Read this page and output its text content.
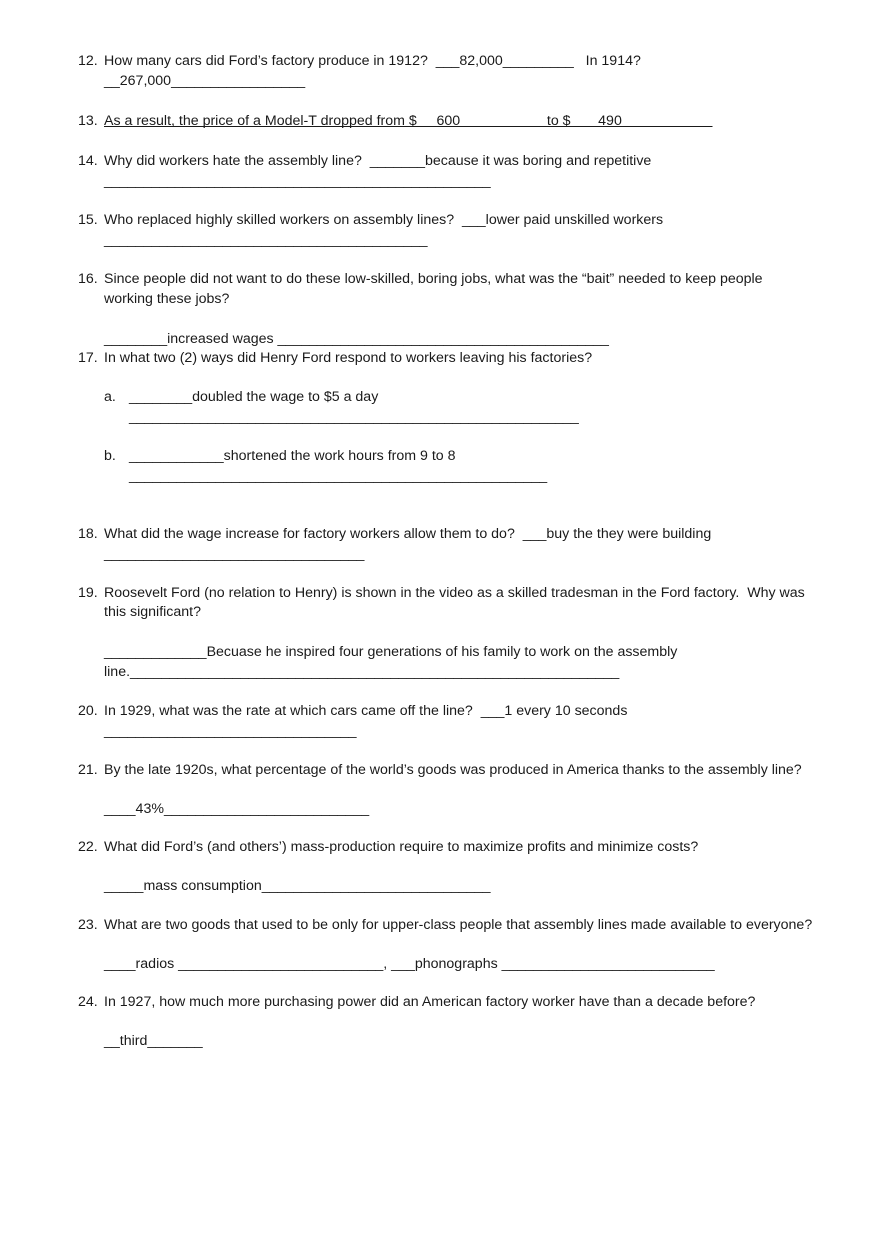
12. How many cars did Ford’s factory produce in 1912?  ___82,000_________   In 1914?
__267,000_________________
13. As a result, the price of a Model-T dropped from $     600                      to $       490
14. Why did workers hate the assembly line?  _______because it was boring and repetitive
_________________________________________________
15. Who replaced highly skilled workers on assembly lines?  ___lower paid unskilled workers
_________________________________________
16. Since people did not want to do these low-skilled, boring jobs, what was the “bait” needed to keep people
working these jobs?
________increased wages __________________________________________
17. In what two (2) ways did Henry Ford respond to workers leaving his factories?
a. ________doubled the wage to $5 a day
_________________________________________________________
b. ____________shortened the work hours from 9 to 8
_____________________________________________________
18. What did the wage increase for factory workers allow them to do?  ___buy the they were building
_________________________________
19. Roosevelt Ford (no relation to Henry) is shown in the video as a skilled tradesman in the Ford factory.  Why was
this significant?
_____________Becuase he inspired four generations of his family to work on the assembly
line.______________________________________________________________
20. In 1929, what was the rate at which cars came off the line?  ___1 every 10 seconds
________________________________
21. By the late 1920s, what percentage of the world’s goods was produced in America thanks to the assembly line?
____43%__________________________
22. What did Ford’s (and others’) mass-production require to maximize profits and minimize costs?
_____mass consumption_____________________________
23. What are two goods that used to be only for upper-class people that assembly lines made available to everyone?
____radios __________________________, ___phonographs ___________________________
24. In 1927, how much more purchasing power did an American factory worker have than a decade before?
__third_______
